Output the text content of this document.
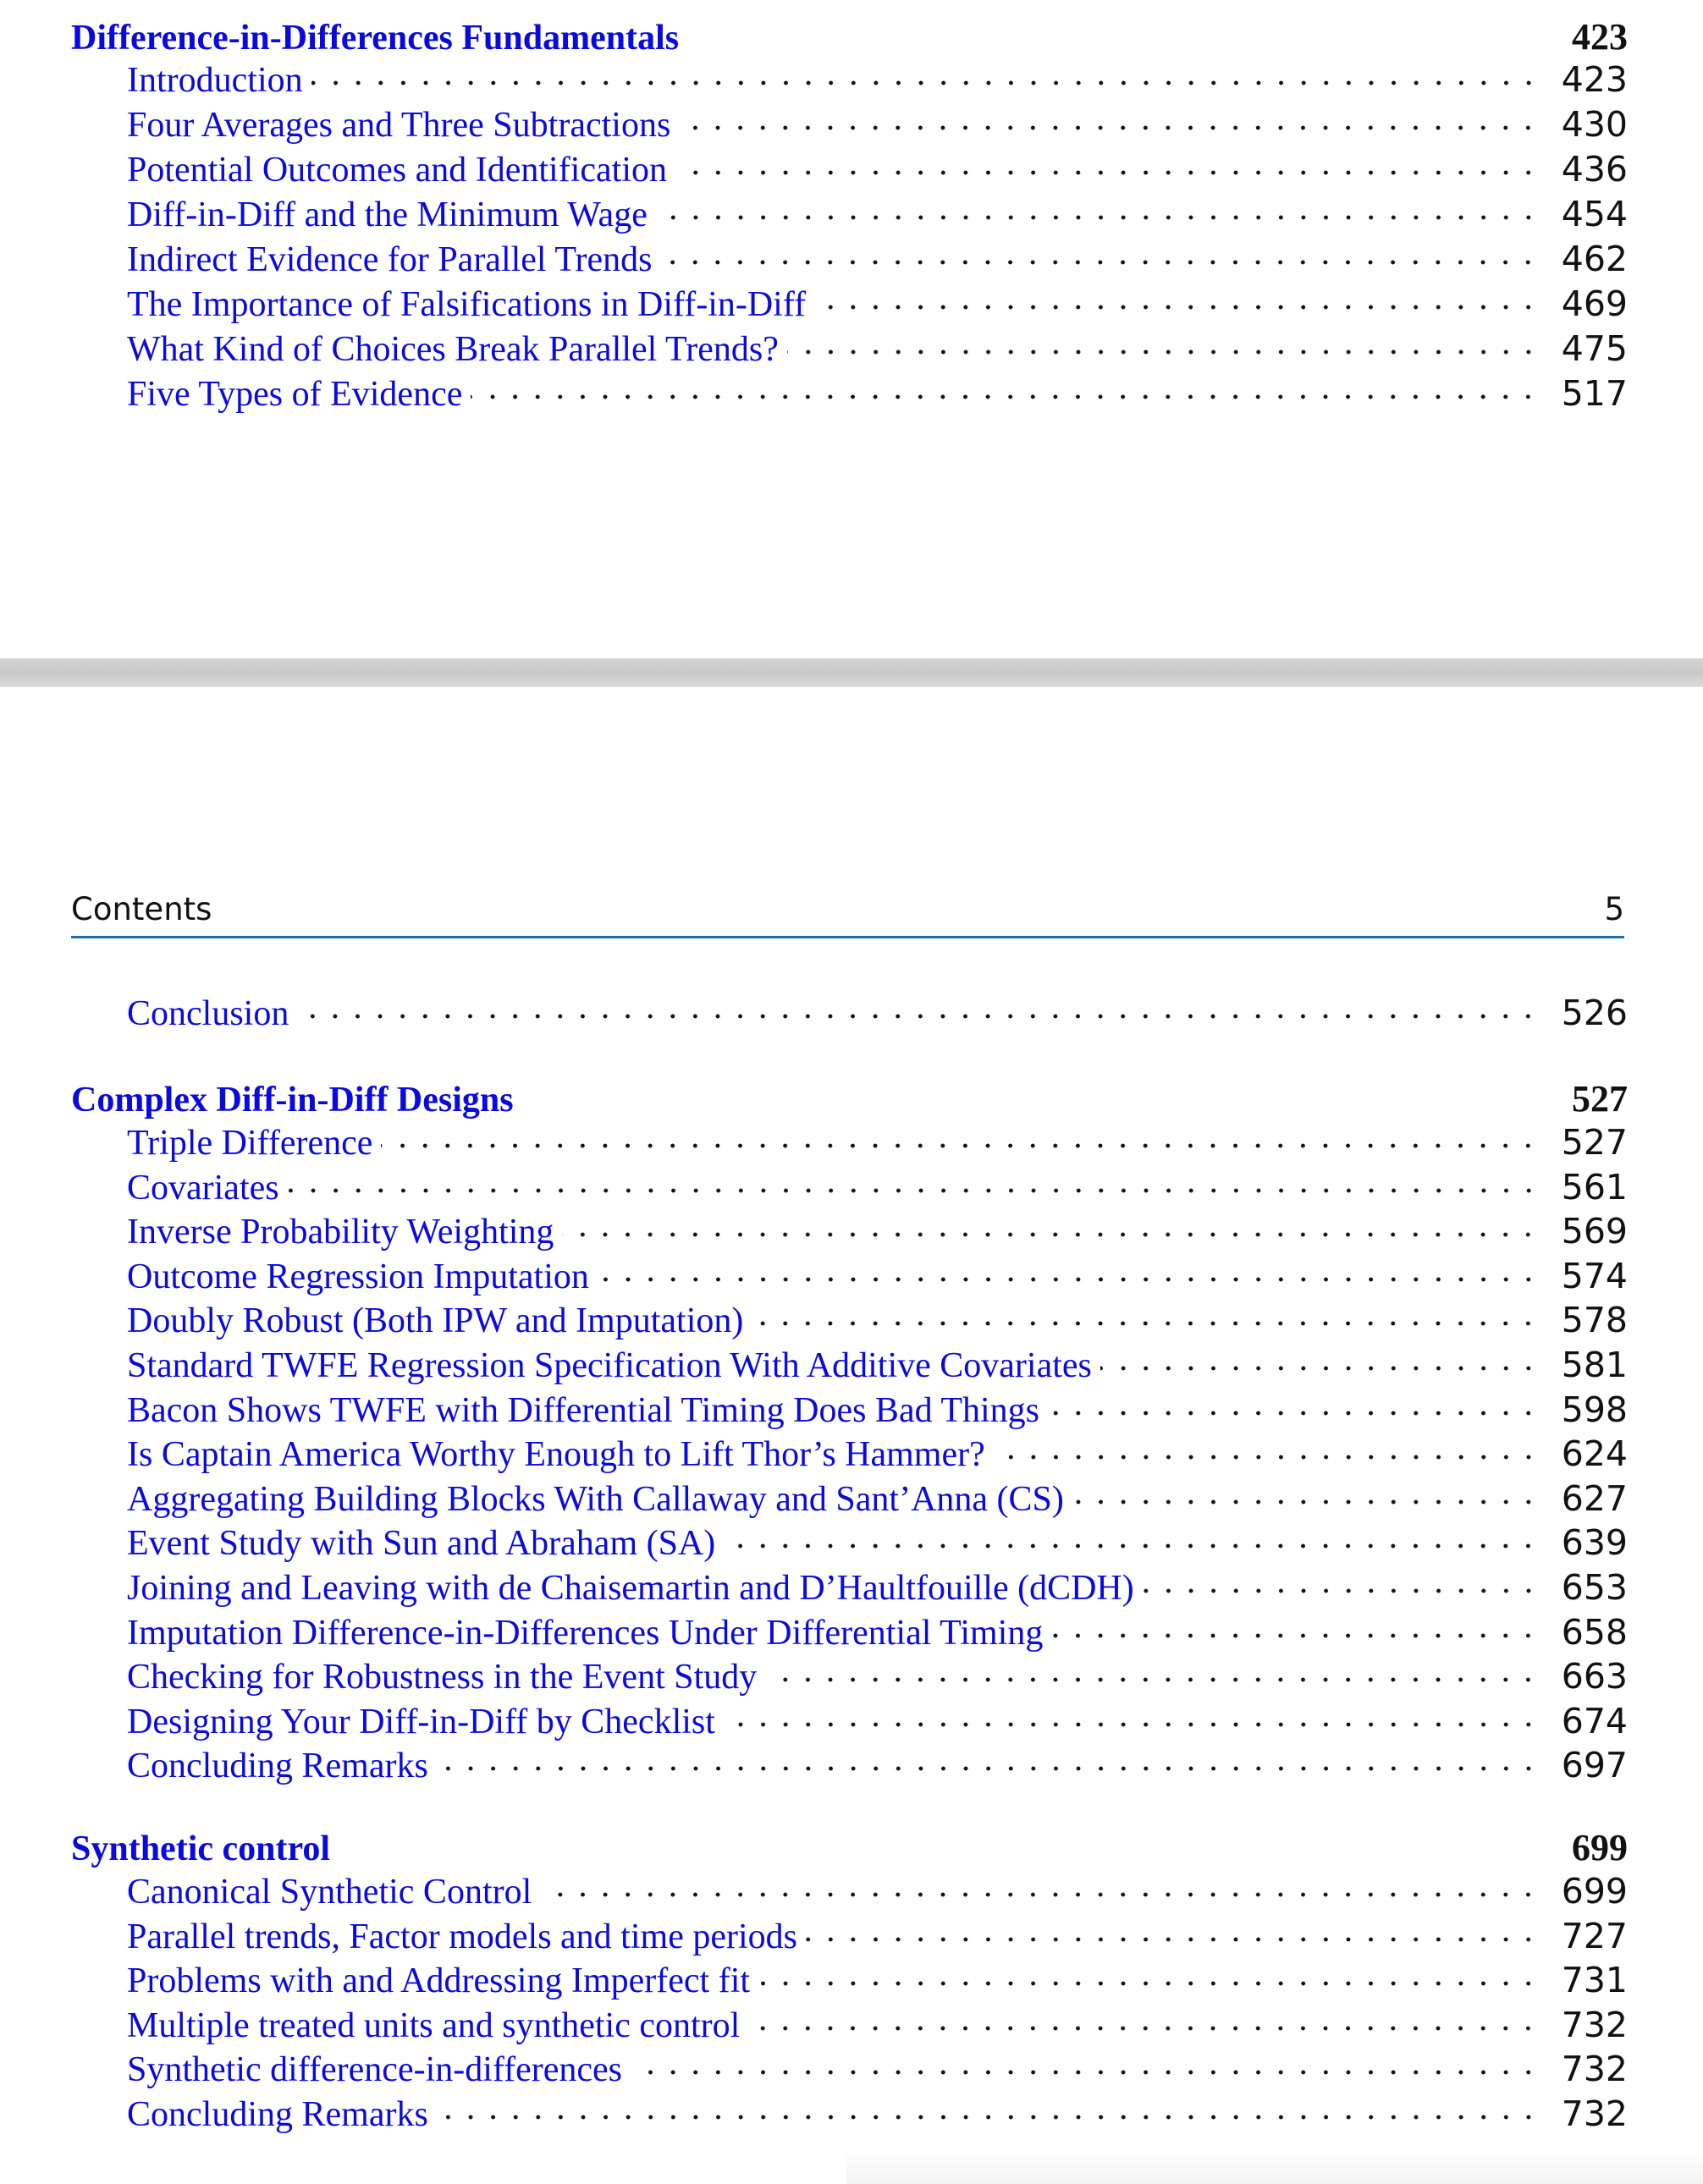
Difference-in-Differences Fundamentals	423
Introduction	423
Four Averages and Three Subtractions	430
Potential Outcomes and Identification	436
Diff-in-Diff and the Minimum Wage	454
Indirect Evidence for Parallel Trends	462
The Importance of Falsifications in Diff-in-Diff	469
What Kind of Choices Break Parallel Trends?	475
Five Types of Evidence	517
Contents	5
Conclusion	526
Complex Diff-in-Diff Designs	527
Triple Difference	527
Covariates	561
Inverse Probability Weighting	569
Outcome Regression Imputation	574
Doubly Robust (Both IPW and Imputation)	578
Standard TWFE Regression Specification With Additive Covariates	581
Bacon Shows TWFE with Differential Timing Does Bad Things	598
Is Captain America Worthy Enough to Lift Thor’s Hammer?	624
Aggregating Building Blocks With Callaway and Sant’Anna (CS)	627
Event Study with Sun and Abraham (SA)	639
Joining and Leaving with de Chaisemartin and D’Haultfouille (dCDH)	653
Imputation Difference-in-Differences Under Differential Timing	658
Checking for Robustness in the Event Study	663
Designing Your Diff-in-Diff by Checklist	674
Concluding Remarks	697
Synthetic control	699
Canonical Synthetic Control	699
Parallel trends, Factor models and time periods	727
Problems with and Addressing Imperfect fit	731
Multiple treated units and synthetic control	732
Synthetic difference-in-differences	732
Concluding Remarks	732
